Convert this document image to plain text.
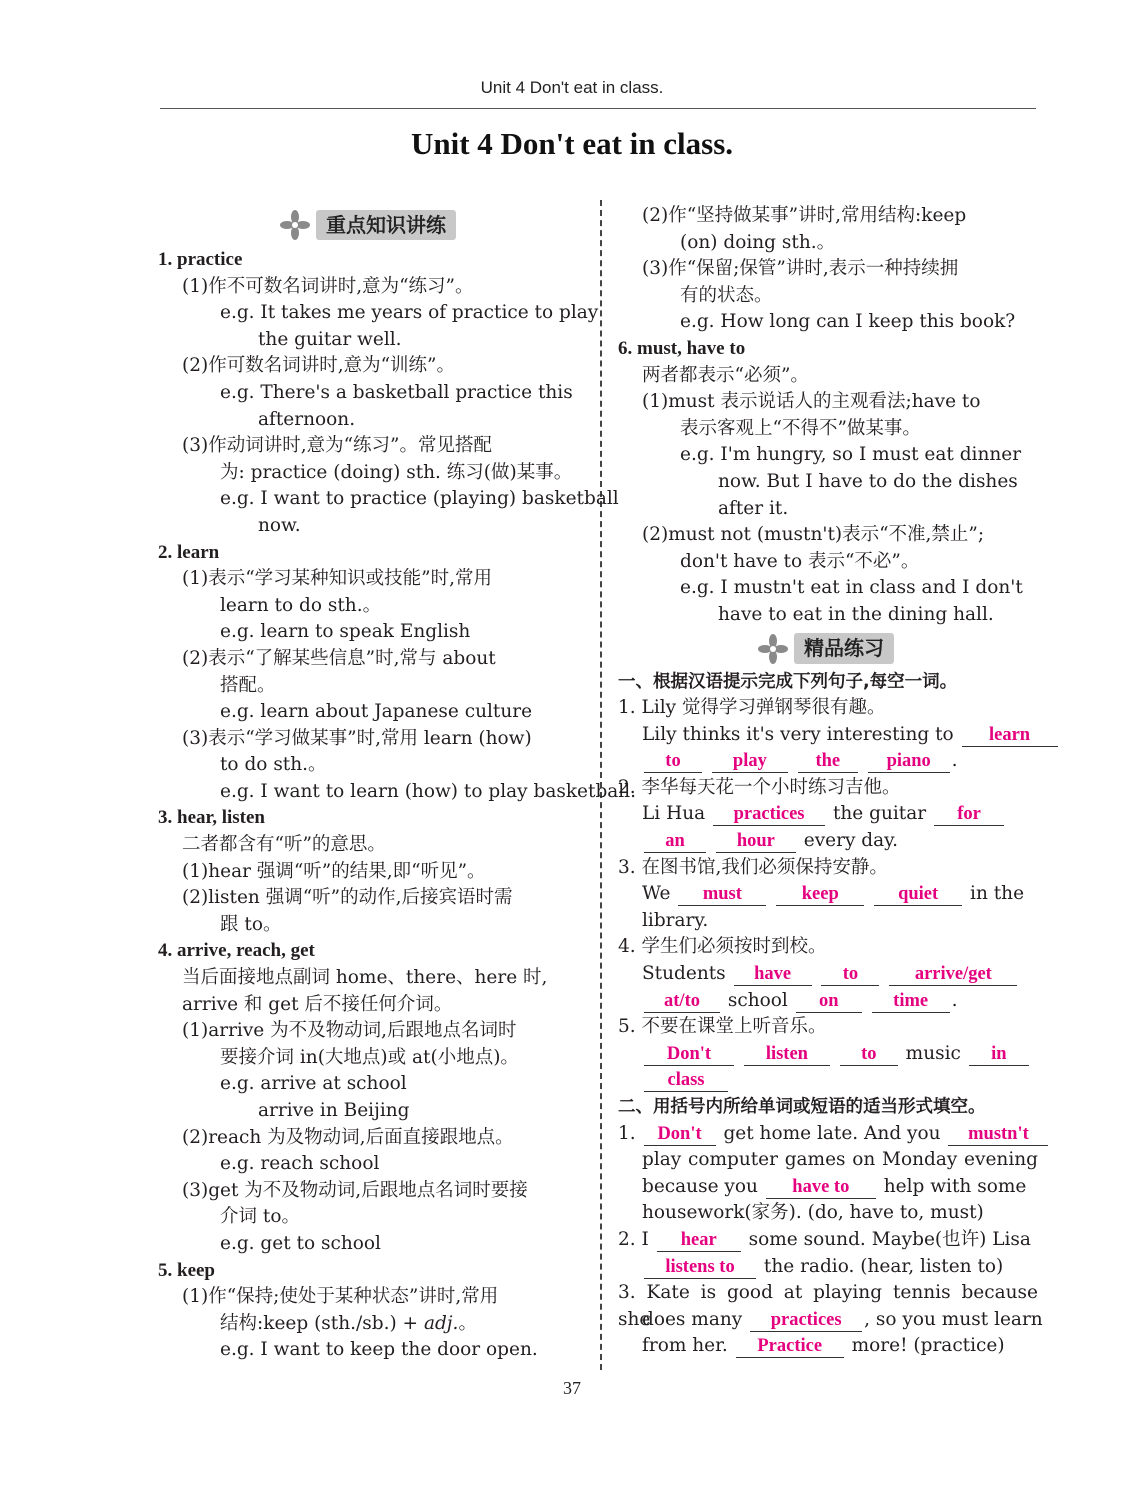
Unit 4 Don't eat in class.
Unit 4 Don't eat in class.
重点知识讲练
1. practice
(1)作不可数名词讲时,意为“练习”。
e.g. It takes me years of practice to play
the guitar well.
(2)作可数名词讲时,意为“训练”。
e.g. There's a basketball practice this
afternoon.
(3)作动词讲时,意为“练习”。常见搭配
为: practice (doing) sth. 练习(做)某事。
e.g. I want to practice (playing) basketball
now.
2. learn
(1)表示“学习某种知识或技能”时,常用
learn to do sth.。
e.g. learn to speak English
(2)表示“了解某些信息”时,常与 about
搭配。
e.g. learn about Japanese culture
(3)表示“学习做某事”时,常用 learn (how)
to do sth.。
e.g. I want to learn (how) to play basketball.
3. hear, listen
二者都含有“听”的意思。
(1)hear 强调“听”的结果,即“听见”。
(2)listen 强调“听”的动作,后接宾语时需
跟 to。
4. arrive, reach, get
当后面接地点副词 home、there、here 时,
arrive 和 get 后不接任何介词。
(1)arrive 为不及物动词,后跟地点名词时
要接介词 in(大地点)或 at(小地点)。
e.g. arrive at school
arrive in Beijing
(2)reach 为及物动词,后面直接跟地点。
e.g. reach school
(3)get 为不及物动词,后跟地点名词时要接
介词 to。
e.g. get to school
5. keep
(1)作“保持;使处于某种状态”讲时,常用
结构:keep (sth./sb.) + adj.。
e.g. I want to keep the door open.
(2)作“坚持做某事”讲时,常用结构:keep
(on) doing sth.。
(3)作“保留;保管”讲时,表示一种持续拥
有的状态。
e.g. How long can I keep this book?
6. must, have to
两者都表示“必须”。
(1)must 表示说话人的主观看法;have to
表示客观上“不得不”做某事。
e.g. I'm hungry, so I must eat dinner
now. But I have to do the dishes
after it.
(2)must not (mustn't)表示“不准,禁止”;
don't have to 表示“不必”。
e.g. I mustn't eat in class and I don't
have to eat in the dining hall.
精品练习
一、根据汉语提示完成下列句子,每空一词。
1. Lily 觉得学习弹钢琴很有趣。
Lily thinks it's very interesting to learn
to	play	the	piano .
2. 李华每天花一个小时练习吉他。
Li Hua practices the guitar for
an	hour every day.
3. 在图书馆,我们必须保持安静。
We must	keep	quiet in the
library.
4. 学生们必须按时到校。
Students have	to	arrive/get
at/to school on	time .
5. 不要在课堂上听音乐。
Don't	listen	to music in
class
二、用括号内所给单词或短语的适当形式填空。
1. Don't get home late. And you mustn't
play computer games on Monday evening
because you have to help with some
housework(家务). (do, have to, must)
2. I hear some sound. Maybe(也许) Lisa
listens to the radio. (hear, listen to)
3. Kate is good at playing tennis because she
does many practices , so you must learn
from her. Practice more! (practice)
37
